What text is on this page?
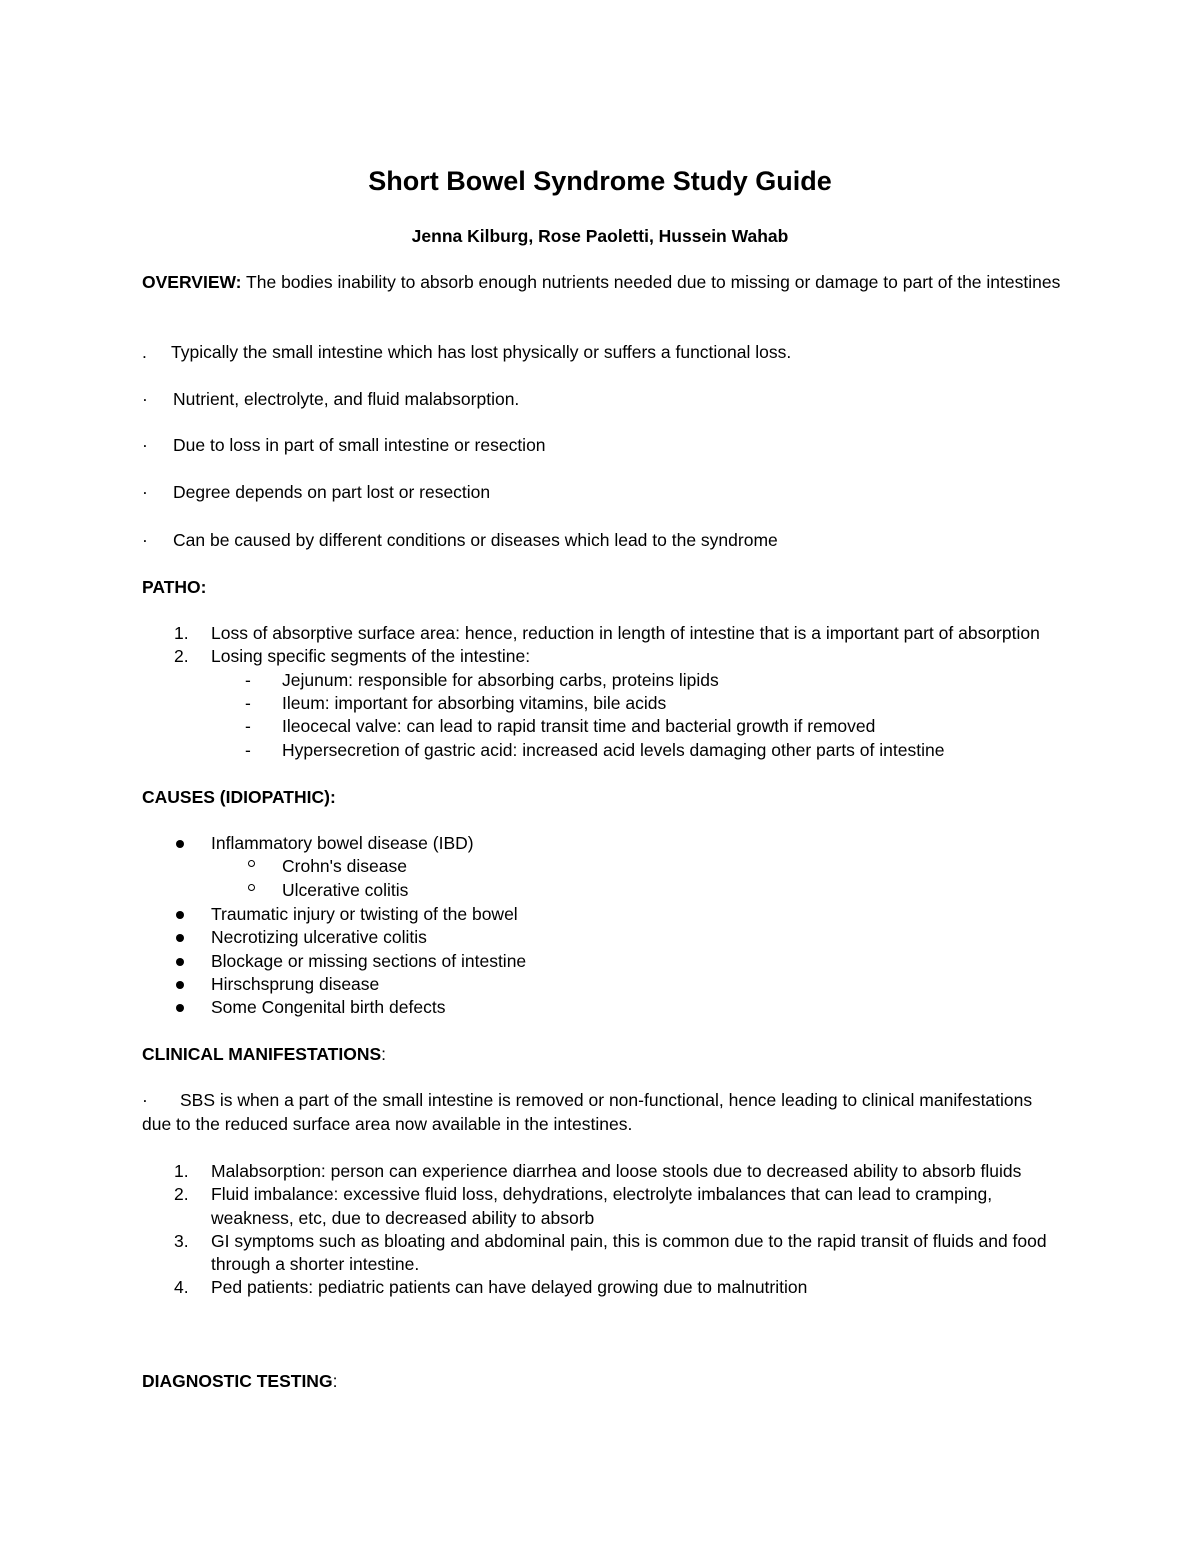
Short Bowel Syndrome Study Guide
Jenna Kilburg, Rose Paoletti, Hussein Wahab
OVERVIEW: The bodies inability to absorb enough nutrients needed due to missing or damage to part of the intestines
. Typically the small intestine which has lost physically or suffers a functional loss.
· Nutrient, electrolyte, and fluid malabsorption.
· Due to loss in part of small intestine or resection
· Degree depends on part lost or resection
· Can be caused by different conditions or diseases which lead to the syndrome
PATHO:
1. Loss of absorptive surface area: hence, reduction in length of intestine that is a important part of absorption
2. Losing specific segments of the intestine:
- Jejunum: responsible for absorbing carbs, proteins lipids
- Ileum: important for absorbing vitamins, bile acids
- Ileocecal valve: can lead to rapid transit time and bacterial growth if removed
- Hypersecretion of gastric acid: increased acid levels damaging other parts of intestine
CAUSES (IDIOPATHIC):
Inflammatory bowel disease (IBD)
Crohn's disease
Ulcerative colitis
Traumatic injury or twisting of the bowel
Necrotizing ulcerative colitis
Blockage or missing sections of intestine
Hirschsprung disease
Some Congenital birth defects
CLINICAL MANIFESTATIONS:
· SBS is when a part of the small intestine is removed or non-functional, hence leading to clinical manifestations
due to the reduced surface area now available in the intestines.
1. Malabsorption: person can experience diarrhea and loose stools due to decreased ability to absorb fluids
2. Fluid imbalance: excessive fluid loss, dehydrations, electrolyte imbalances that can lead to cramping,
weakness, etc, due to decreased ability to absorb
3. GI symptoms such as bloating and abdominal pain, this is common due to the rapid transit of fluids and food
through a shorter intestine.
4. Ped patients: pediatric patients can have delayed growing due to malnutrition
DIAGNOSTIC TESTING:
